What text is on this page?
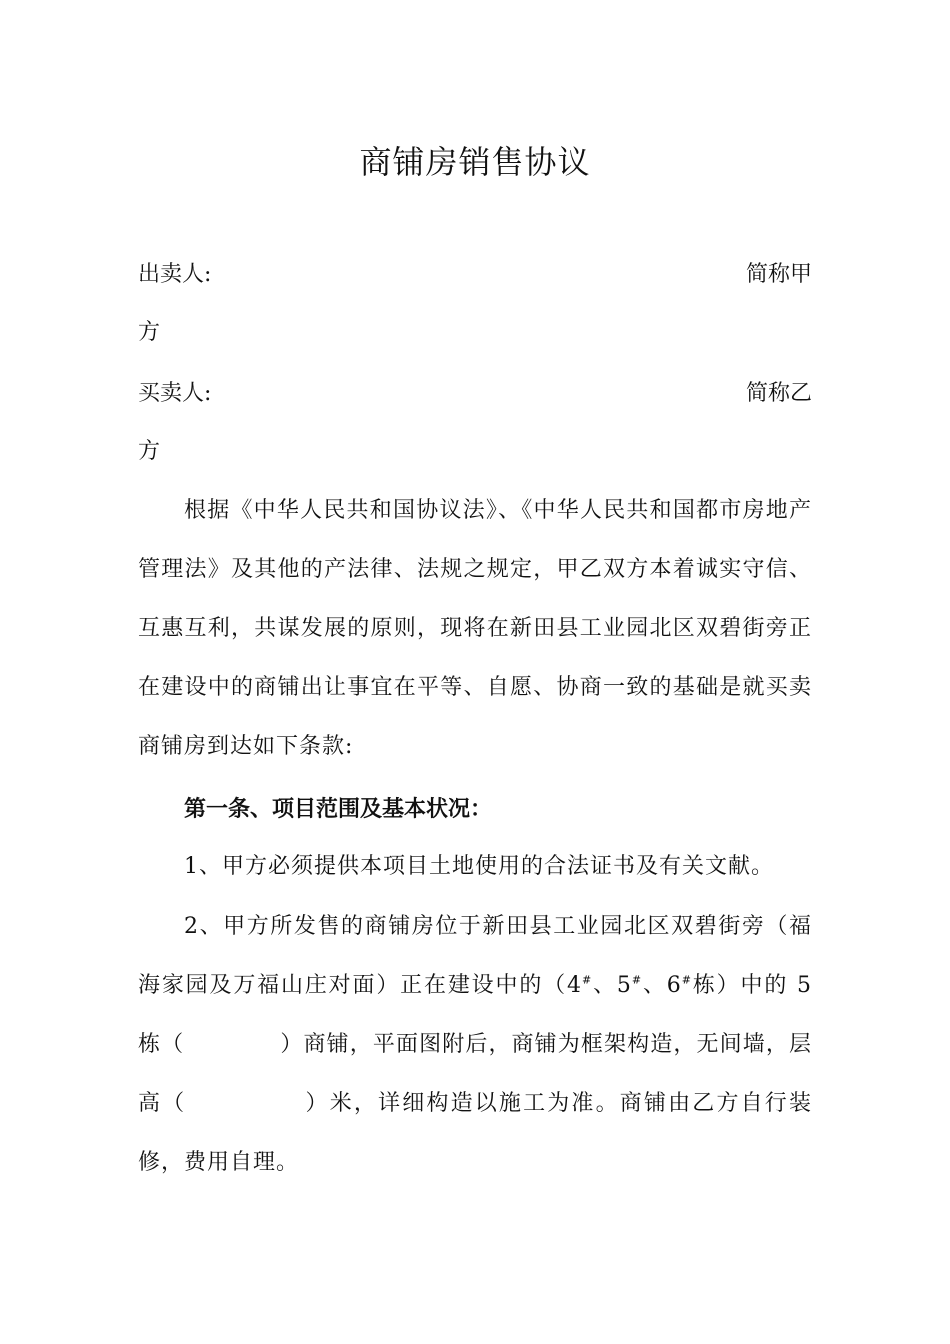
商铺房销售协议
出卖人:	简称甲
方
买卖人:	简称乙
方
根据《中华人民共和国协议法》、《中华人民共和国都市房地产管理法》及其他的产法律、法规之规定，甲乙双方本着诚实守信、互惠互利，共谋发展的原则，现将在新田县工业园北区双碧街旁正在建设中的商铺出让事宜在平等、自愿、协商一致的基础是就买卖商铺房到达如下条款:
第一条、项目范围及基本状况：
1、甲方必须提供本项目土地使用的合法证书及有关文献。
2、甲方所发售的商铺房位于新田县工业园北区双碧街旁（福海家园及万福山庄对面）正在建设中的（4#、5#、6#栋）中的 5 栋（	）商铺，平面图附后，商铺为框架构造，无间墙，层高（	）米，详细构造以施工为准。商铺由乙方自行装修，费用自理。
